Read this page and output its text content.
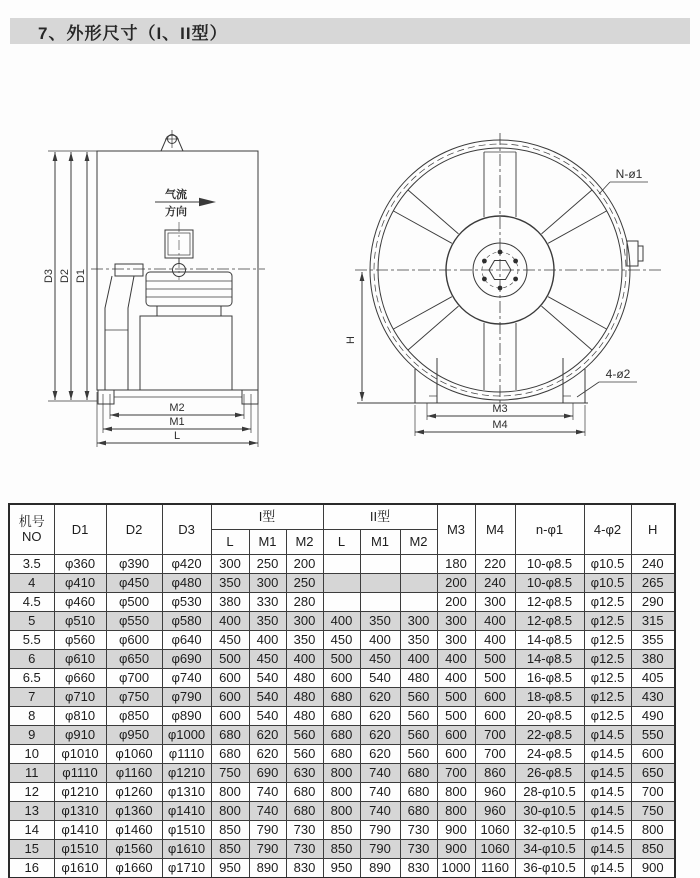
7、外形尺寸（I、II型）
气流
方向
D3 D2 D1
M2
M1
L
H
M3
M4
N-ø1
4-ø2
机号
NO	D1	D2	D3	I型			II型			M3	M4	n-φ1	4-φ2	H
				L	M1	M2	L	M1	M2					
3.5	φ360	φ390	φ420	300	250	200				180	220	10-φ8.5	φ10.5	240
4	φ410	φ450	φ480	350	300	250				200	240	10-φ8.5	φ10.5	265
4.5	φ460	φ500	φ530	380	330	280				200	300	12-φ8.5	φ12.5	290
5	φ510	φ550	φ580	400	350	300	400	350	300	300	400	12-φ8.5	φ12.5	315
5.5	φ560	φ600	φ640	450	400	350	450	400	350	300	400	14-φ8.5	φ12.5	355
6	φ610	φ650	φ690	500	450	400	500	450	400	400	500	14-φ8.5	φ12.5	380
6.5	φ660	φ700	φ740	600	540	480	600	540	480	400	500	16-φ8.5	φ12.5	405
7	φ710	φ750	φ790	600	540	480	680	620	560	500	600	18-φ8.5	φ12.5	430
8	φ810	φ850	φ890	600	540	480	680	620	560	500	600	20-φ8.5	φ12.5	490
9	φ910	φ950	φ1000	680	620	560	680	620	560	600	700	22-φ8.5	φ14.5	550
10	φ1010	φ1060	φ1110	680	620	560	680	620	560	600	700	24-φ8.5	φ14.5	600
11	φ1110	φ1160	φ1210	750	690	630	800	740	680	700	860	26-φ8.5	φ14.5	650
12	φ1210	φ1260	φ1310	800	740	680	800	740	680	800	960	28-φ10.5	φ14.5	700
13	φ1310	φ1360	φ1410	800	740	680	800	740	680	800	960	30-φ10.5	φ14.5	750
14	φ1410	φ1460	φ1510	850	790	730	850	790	730	900	1060	32-φ10.5	φ14.5	800
15	φ1510	φ1560	φ1610	850	790	730	850	790	730	900	1060	34-φ10.5	φ14.5	850
16	φ1610	φ1660	φ1710	950	890	830	950	890	830	1000	1160	36-φ10.5	φ14.5	900
